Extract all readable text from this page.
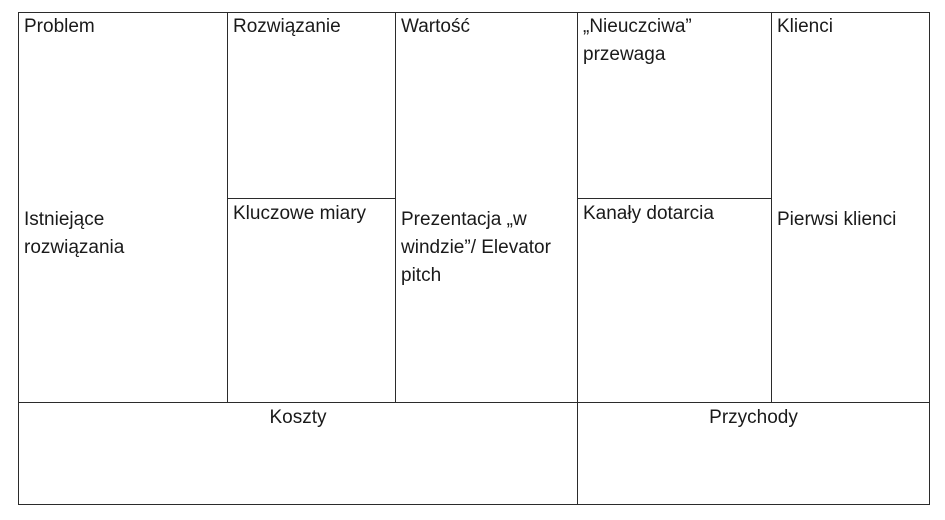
Problem
Istniejące
rozwiązania
Rozwiązanie
Kluczowe miary
Wartość
Prezentacja „w
windzie”/ Elevator
pitch
„Nieuczciwa”
przewaga
Kanały dotarcia
Klienci
Pierwsi klienci
Koszty	Przychody
